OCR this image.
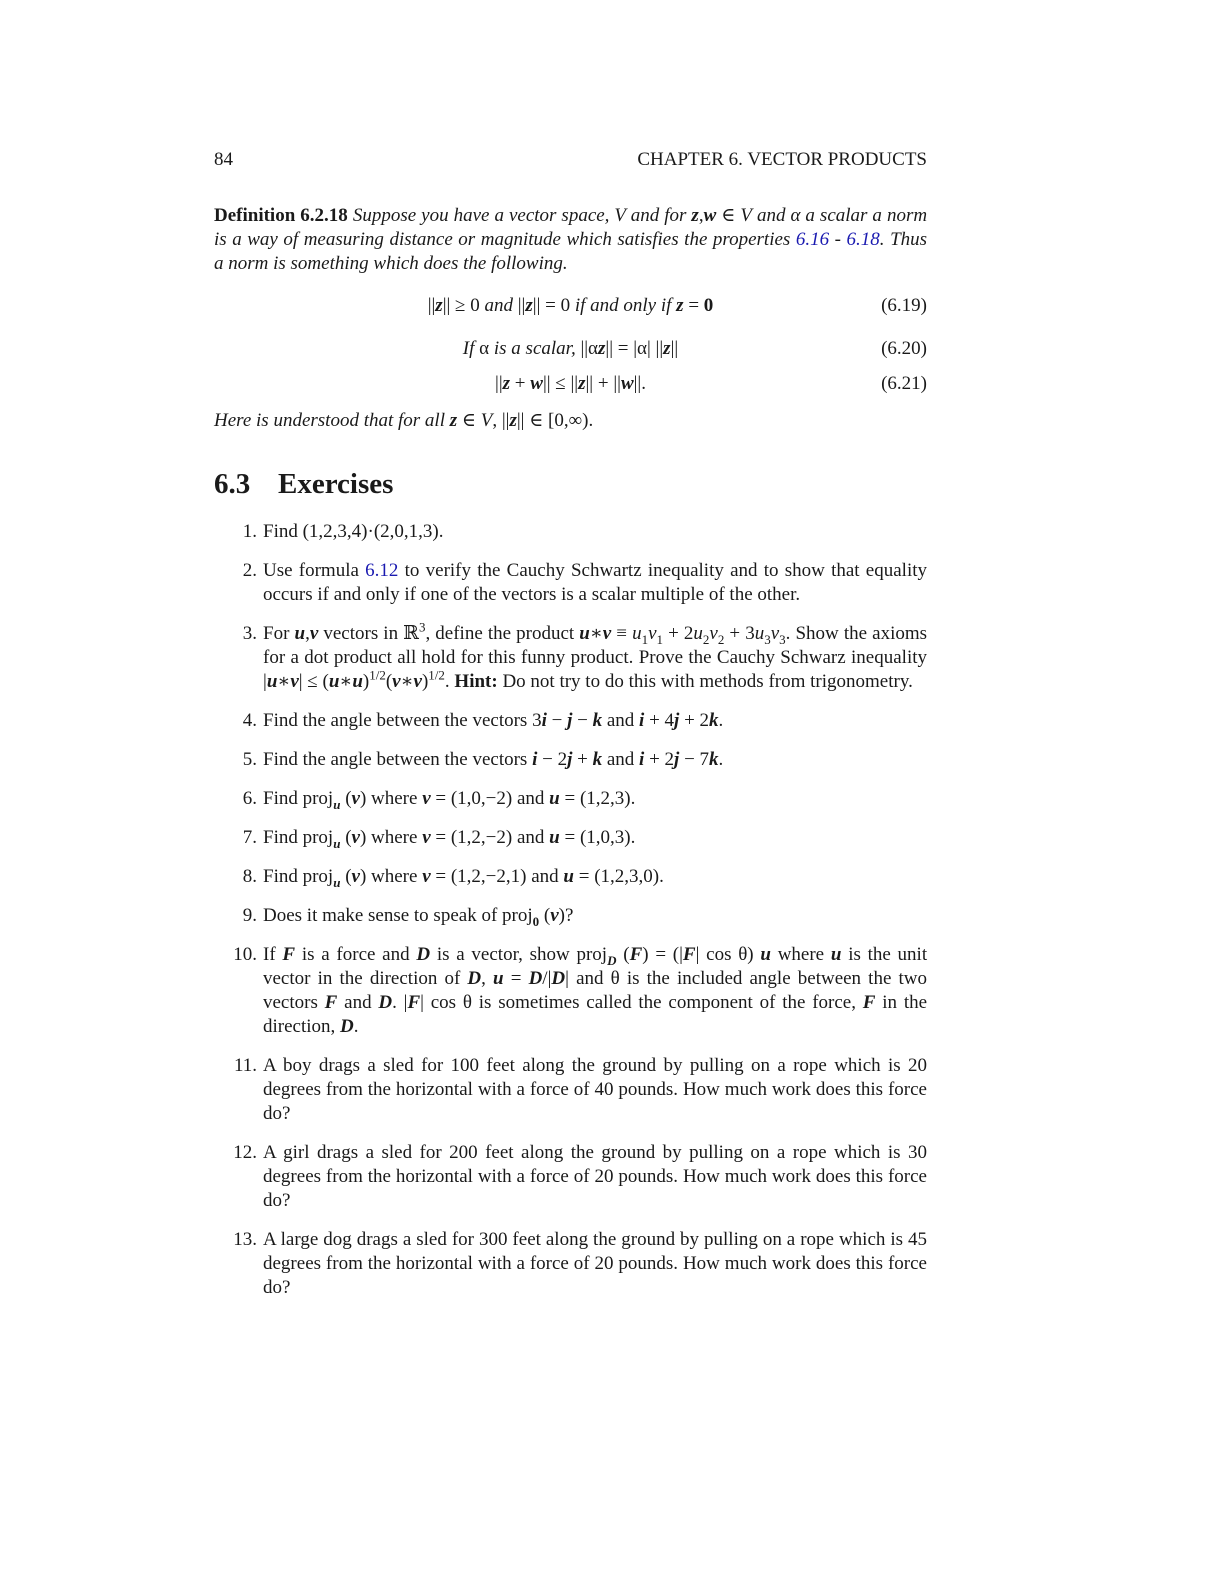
84	CHAPTER 6. VECTOR PRODUCTS
Definition 6.2.18 Suppose you have a vector space, V and for z,w ∈ V and α a scalar a norm is a way of measuring distance or magnitude which satisfies the properties 6.16 - 6.18. Thus a norm is something which does the following.
||z|| ≥ 0 and ||z|| = 0 if and only if z = 0	(6.19)
If α is a scalar, ||αz|| = |α| ||z||	(6.20)
||z + w|| ≤ ||z|| + ||w||.	(6.21)
Here is understood that for all z ∈ V, ||z|| ∈ [0,∞).
6.3 Exercises
1. Find (1,2,3,4)·(2,0,1,3).
2. Use formula 6.12 to verify the Cauchy Schwartz inequality and to show that equality occurs if and only if one of the vectors is a scalar multiple of the other.
3. For u,v vectors in ℝ$^3$, define the product u∗v ≡ $u_1v_1 + 2u_2v_2 + 3u_3v_3$. Show the axioms for a dot product all hold for this funny product. Prove the Cauchy Schwarz inequality |u∗v| ≤ (u∗u)$^{1/2}$(v∗v)$^{1/2}$. Hint: Do not try to do this with methods from trigonometry.
4. Find the angle between the vectors 3i − j − k and i + 4j + 2k.
5. Find the angle between the vectors i − 2j + k and i + 2j − 7k.
6. Find proj$_u$ (v) where v = (1,0,−2) and u = (1,2,3).
7. Find proj$_u$ (v) where v = (1,2,−2) and u = (1,0,3).
8. Find proj$_u$ (v) where v = (1,2,−2,1) and u = (1,2,3,0).
9. Does it make sense to speak of proj$_0$ (v)?
10. If F is a force and D is a vector, show proj$_D$ (F) = (|F| cos θ) u where u is the unit vector in the direction of D, u = D/|D| and θ is the included angle between the two vectors F and D. |F| cos θ is sometimes called the component of the force, F in the direction, D.
11. A boy drags a sled for 100 feet along the ground by pulling on a rope which is 20 degrees from the horizontal with a force of 40 pounds. How much work does this force do?
12. A girl drags a sled for 200 feet along the ground by pulling on a rope which is 30 degrees from the horizontal with a force of 20 pounds. How much work does this force do?
13. A large dog drags a sled for 300 feet along the ground by pulling on a rope which is 45 degrees from the horizontal with a force of 20 pounds. How much work does this force do?
